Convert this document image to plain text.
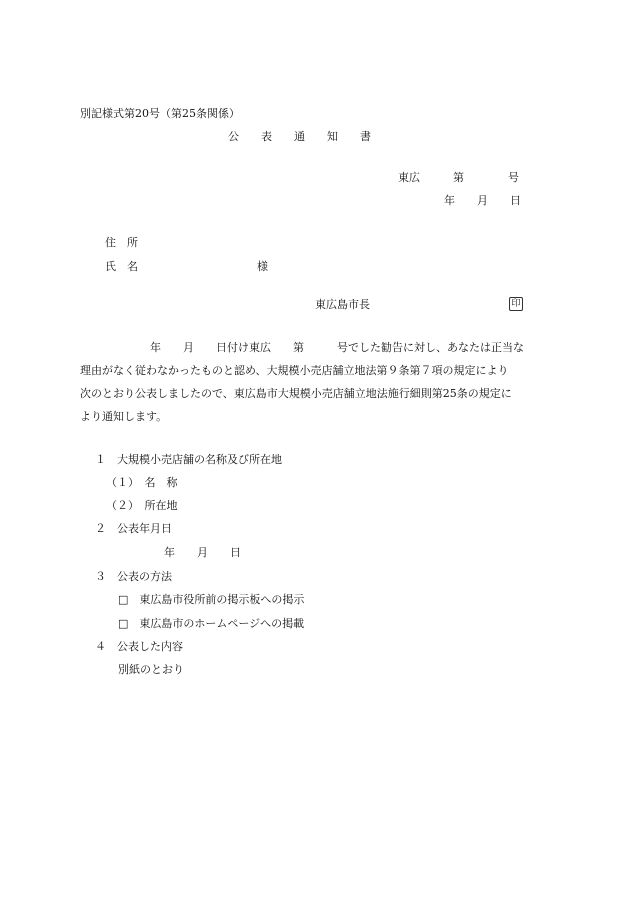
別記様式第20号（第25条関係）
公　　表　　通　　知　　書
東広　　　第　　　　号
年　　月　　日
住　所
氏　名	様
東広島市長	印
年　　月　　日付け東広　　第　　　号でした勧告に対し、あなたは正当な
理由がなく従わなかったものと認め、大規模小売店舗立地法第９条第７項の規定により
次のとおり公表しましたので、東広島市大規模小売店舗立地法施行細則第25条の規定に
より通知します。
１　大規模小売店舗の名称及び所在地
（１）　名　称
（２）　所在地
２　公表年月日
年　　月　　日
３　公表の方法
□　東広島市役所前の掲示板への掲示
□　東広島市のホームページへの掲載
４　公表した内容
別紙のとおり
